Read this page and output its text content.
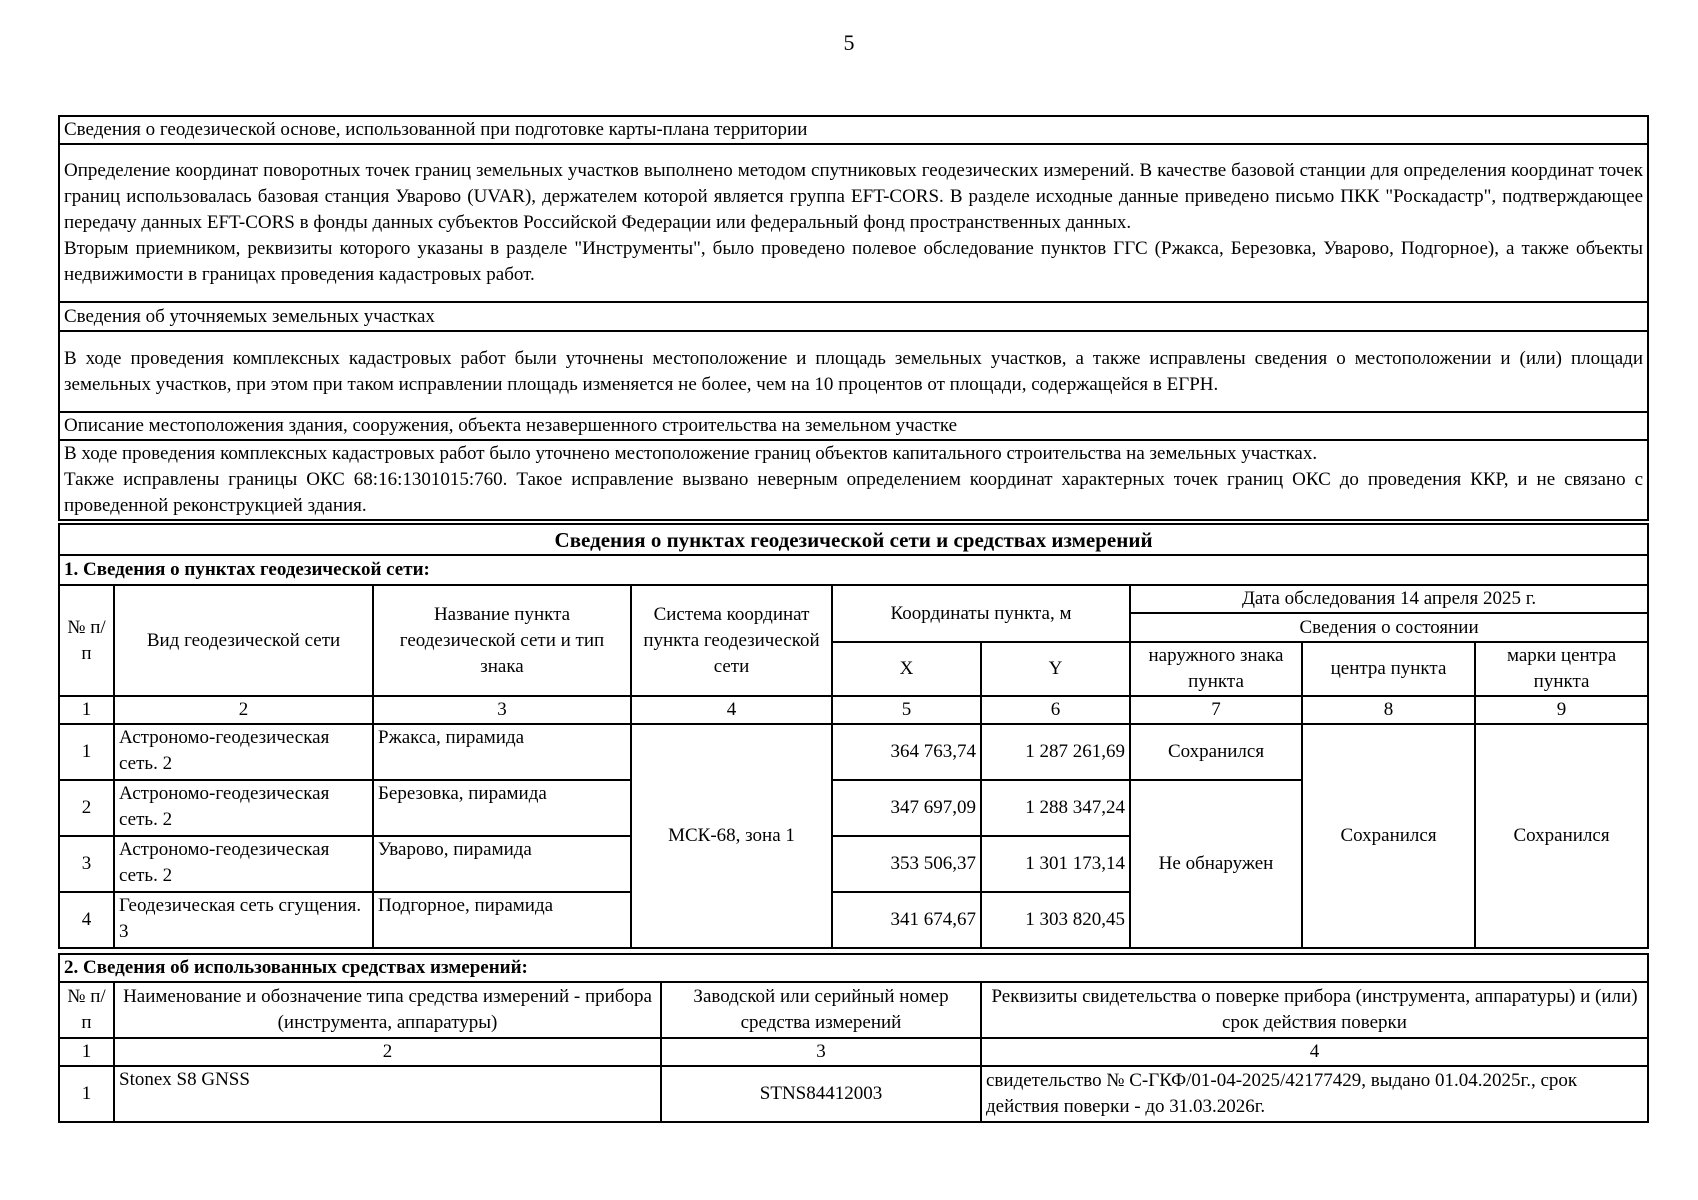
5
Сведения о геодезической основе, использованной при подготовке карты-плана территории

Определение координат поворотных точек границ земельных участков выполнено методом спутниковых геодезических измерений. В качестве базовой станции для определения координат точек границ использовалась базовая станция Уварово (UVAR), держателем которой является группа EFT-CORS. В разделе исходные данные приведено письмо ПКК "Роскадастр", подтверждающее передачу данных EFT-CORS в фонды данных субъектов Российской Федерации или федеральный фонд пространственных данных.

Вторым приемником, реквизиты которого указаны в разделе "Инструменты", было проведено полевое обследование пунктов ГГС (Ржакса, Березовка, Уварово, Подгорное), а также объекты недвижимости в границах проведения кадастровых работ.

Сведения об уточняемых земельных участках

В ходе проведения комплексных кадастровых работ были уточнены местоположение и площадь земельных участков, а также исправлены сведения о местоположении и (или) площади земельных участков, при этом при таком исправлении площадь изменяется не более, чем на 10 процентов от площади, содержащейся в ЕГРН.

Описание местоположения здания, сооружения, объекта незавершенного строительства на земельном участке

В ходе проведения комплексных кадастровых работ было уточнено местоположение границ объектов капитального строительства на земельных участках.

Также исправлены границы ОКС 68:16:1301015:760. Такое исправление вызвано неверным определением координат характерных точек границ ОКС до проведения ККР, и не связано с проведенной реконструкцией здания.

Сведения о пунктах геодезической сети и средствах измерений								
1. Сведения о пунктах геодезической сети:								
№ п/п	Вид геодезической сети	Название пункта геодезической сети и тип знака	Система координат пункта геодезической сети	Координаты пункта, м		Дата обследования 14 апреля 2025 г.		
						Сведения о состоянии		
				X	Y	наружного знака пункта	центра пункта	марки центра пункта
1	2	3	4	5	6	7	8	9
1	Астрономо-геодезическая сеть. 2	Ржакса, пирамида	МСК-68, зона 1	364 763,74	1 287 261,69	Сохранился	Сохранился	Сохранился
2	Астрономо-геодезическая сеть. 2	Березовка, пирамида		347 697,09	1 288 347,24	Не обнаружен		
3	Астрономо-геодезическая сеть. 2	Уварово, пирамида		353 506,37	1 301 173,14			
4	Геодезическая сеть сгущения. 3	Подгорное, пирамида		341 674,67	1 303 820,45			
2. Сведения об использованных средствах измерений:			
№ п/п	Наименование и обозначение типа средства измерений - прибора (инструмента, аппаратуры)	Заводской или серийный номер средства измерений	Реквизиты свидетельства о поверке прибора (инструмента, аппаратуры) и (или) срок действия поверки
1	2	3	4
1	Stonex S8 GNSS	STNS84412003	свидетельство № С-ГКФ/01-04-2025/42177429, выдано 01.04.2025г., срок действия поверки - до 31.03.2026г.
